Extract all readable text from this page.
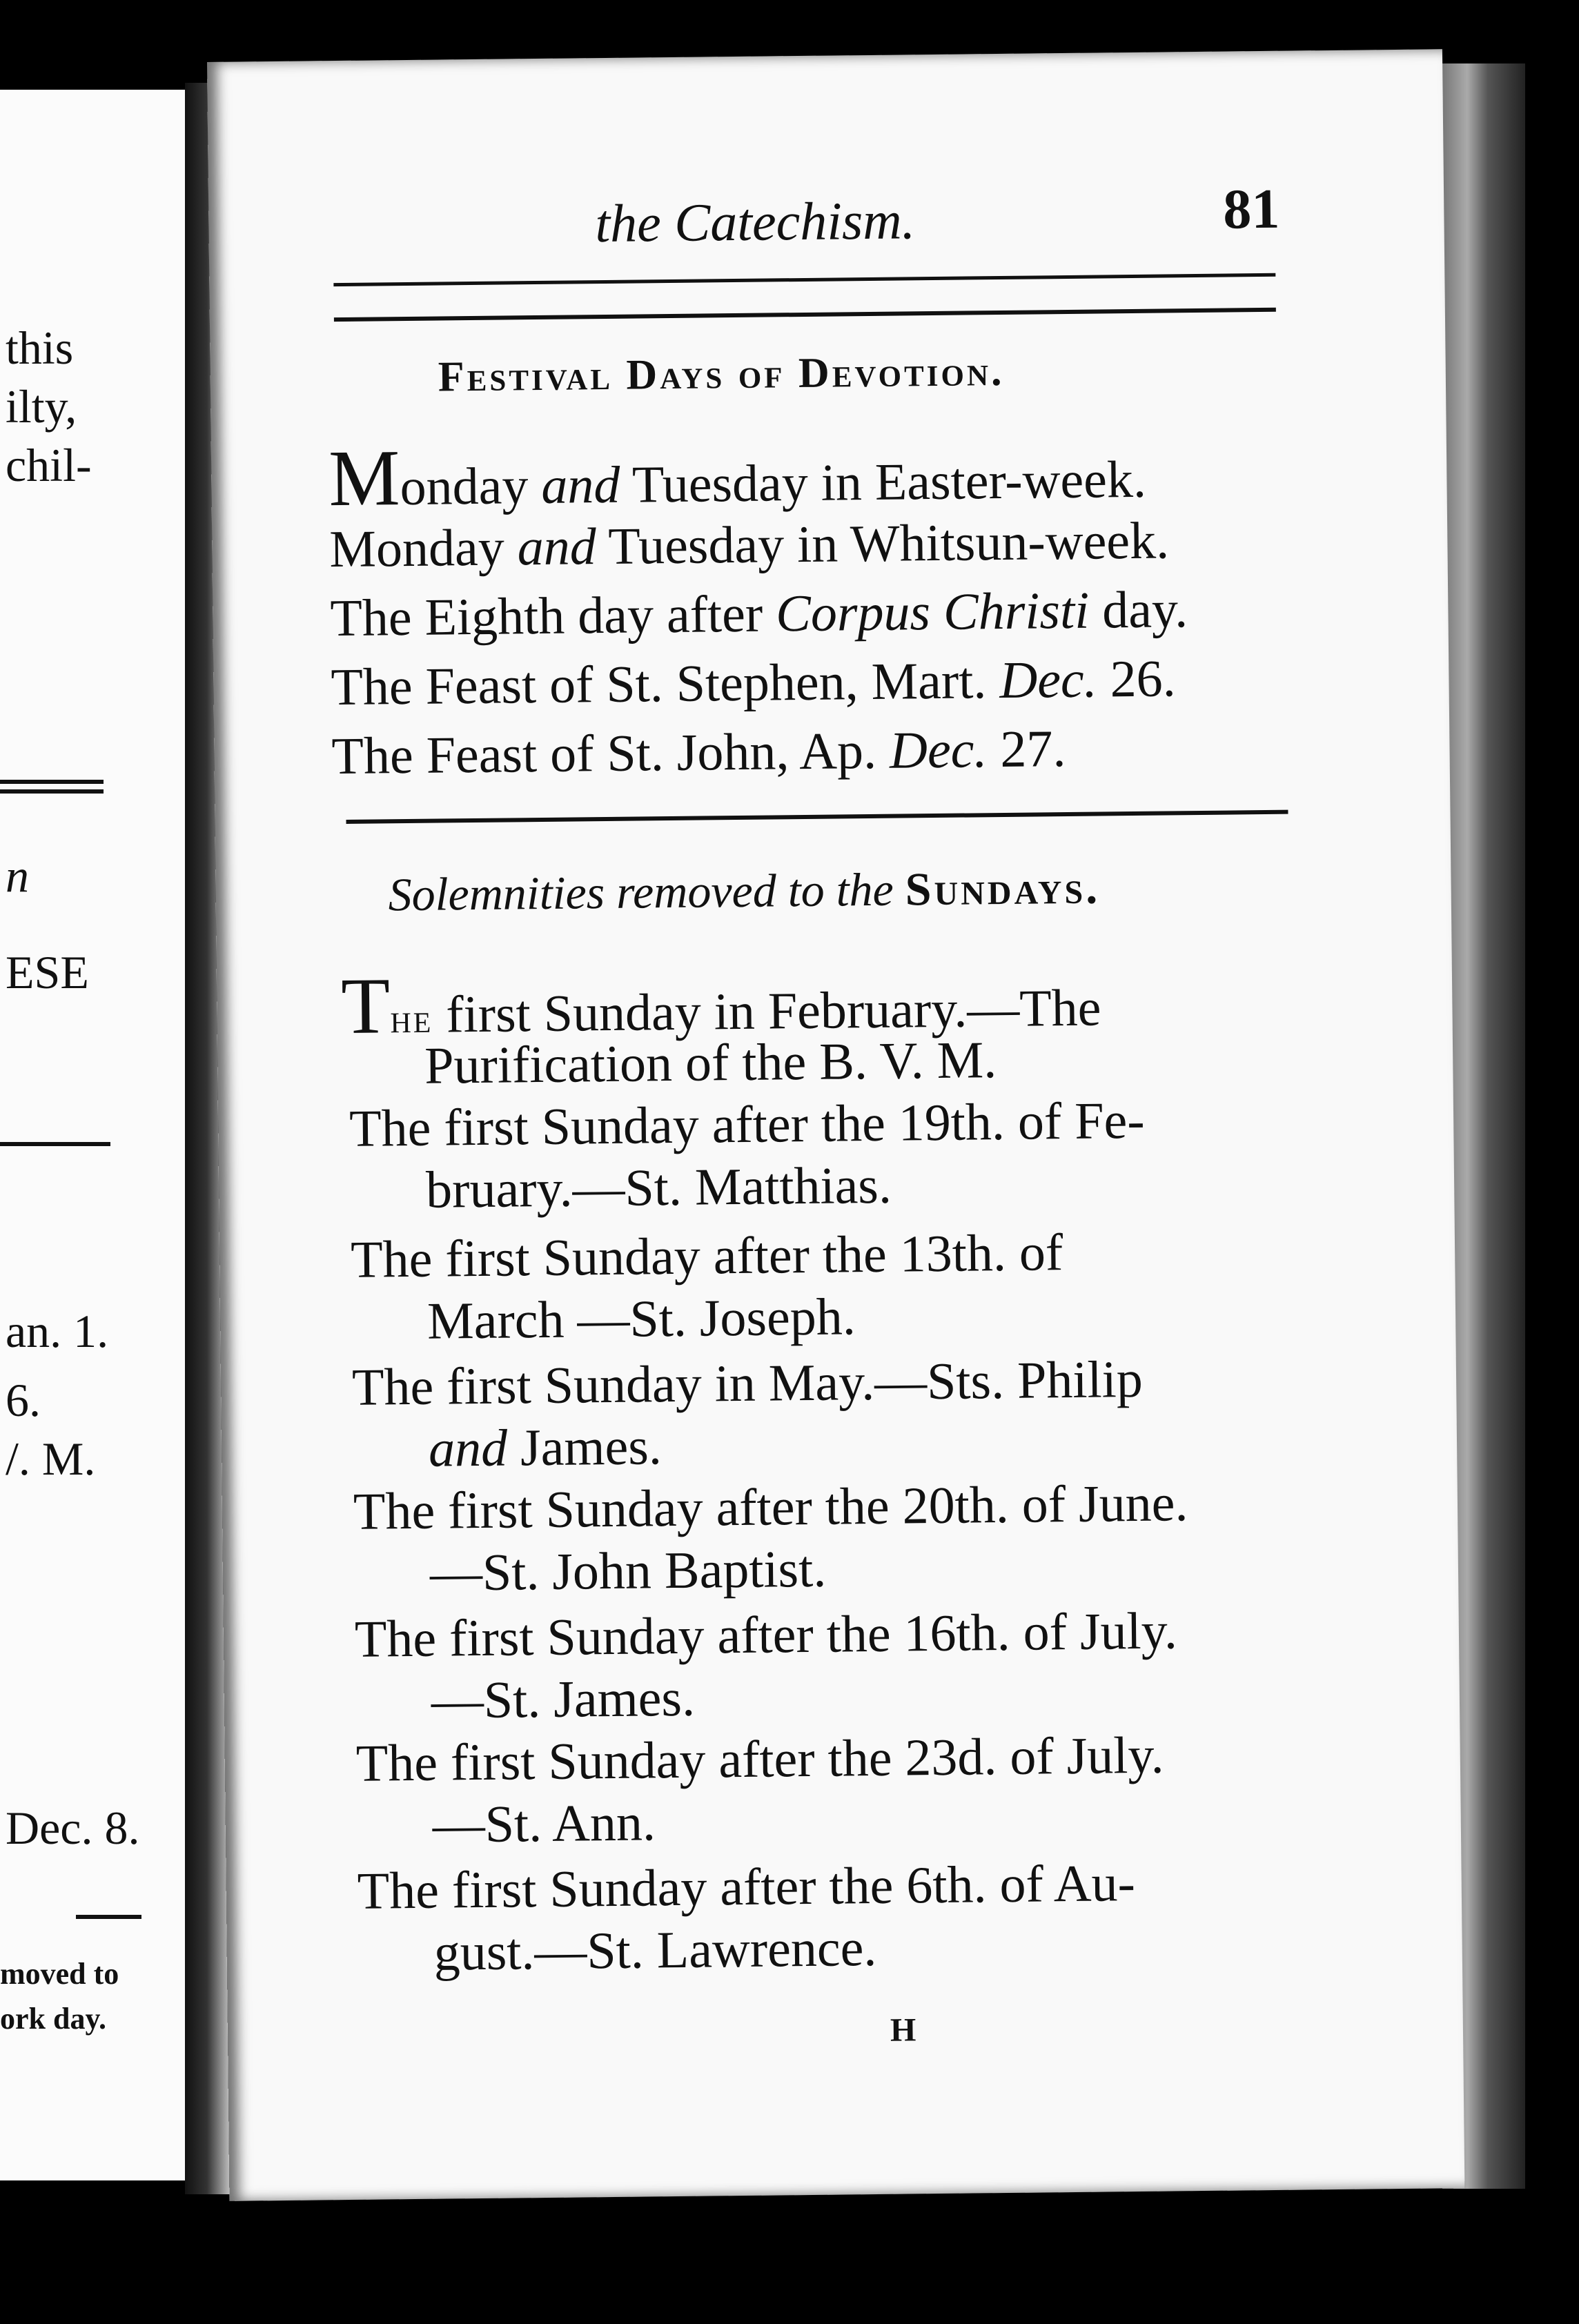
this
ilty,
chil-
n
ESE
an. 1.
6.
/. M.
Dec. 8.
moved to
ork day.
the Catechism.	81
Festival Days of Devotion.
Monday and Tuesday in Easter-week.
Monday and Tuesday in Whitsun-week.
The Eighth day after Corpus Christi day.
The Feast of St. Stephen, Mart. Dec. 26.
The Feast of St. John, Ap. Dec. 27.
Solemnities removed to the Sundays.
The first Sunday in February.—The
Purification of the B. V. M.
The first Sunday after the 19th. of Fe-
bruary.—St. Matthias.
The first Sunday after the 13th. of
March —St. Joseph.
The first Sunday in May.—Sts. Philip
and James.
The first Sunday after the 20th. of June.
—St. John Baptist.
The first Sunday after the 16th. of July.
—St. James.
The first Sunday after the 23d. of July.
—St. Ann.
The first Sunday after the 6th. of Au-
gust.—St. Lawrence.
H
